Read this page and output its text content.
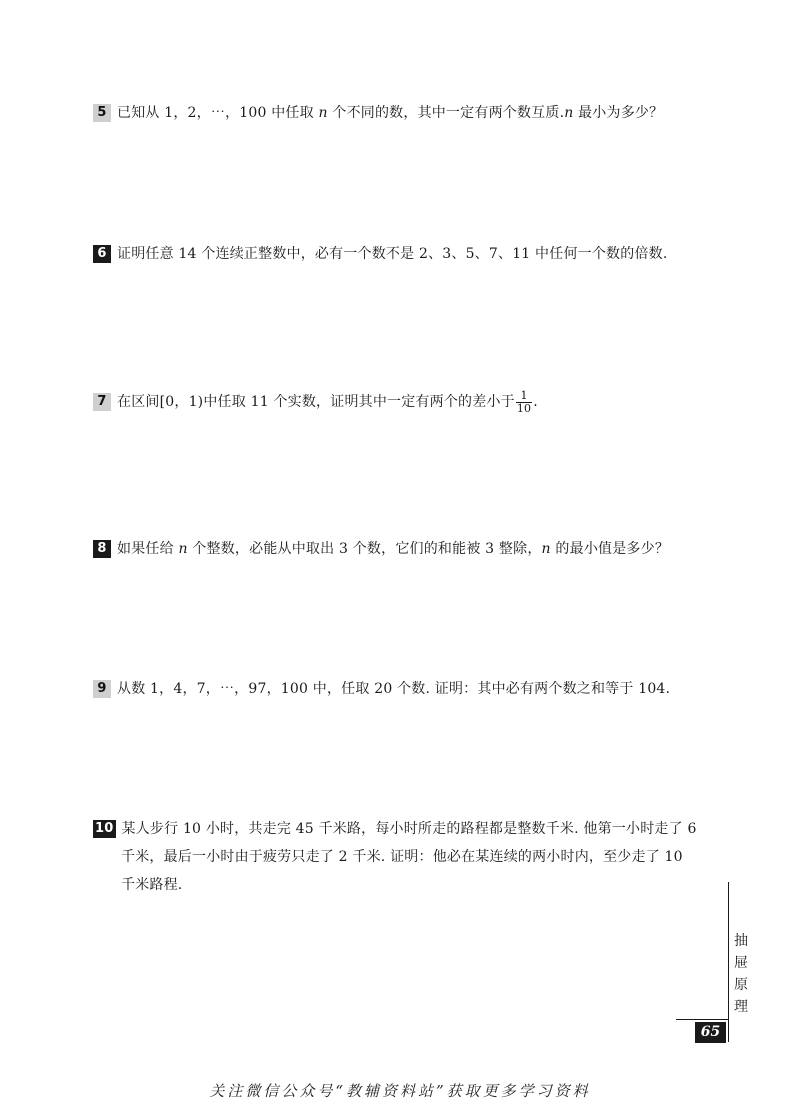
5 已知从 1，2，⋯，100 中任取 n 个不同的数，其中一定有两个数互质.n 最小为多少？
6 证明任意 14 个连续正整数中，必有一个数不是 2、3、5、7、11 中任何一个数的倍数.
7 在区间[0，1)中任取 11 个实数，证明其中一定有两个的差小于 $\frac{1}{10}$ .
8 如果任给 n 个整数，必能从中取出 3 个数，它们的和能被 3 整除，n 的最小值是多少？
9 从数 1，4，7，⋯，97，100 中，任取 20 个数. 证明：其中必有两个数之和等于 104.
10 某人步行 10 小时，共走完 45 千米路，每小时所走的路程都是整数千米. 他第一小时走了 6
千米，最后一小时由于疲劳只走了 2 千米. 证明：他必在某连续的两小时内，至少走了 10
千米路程.
抽
屉
原
理
65
关注微信公众号“教辅资料站”获取更多学习资料
